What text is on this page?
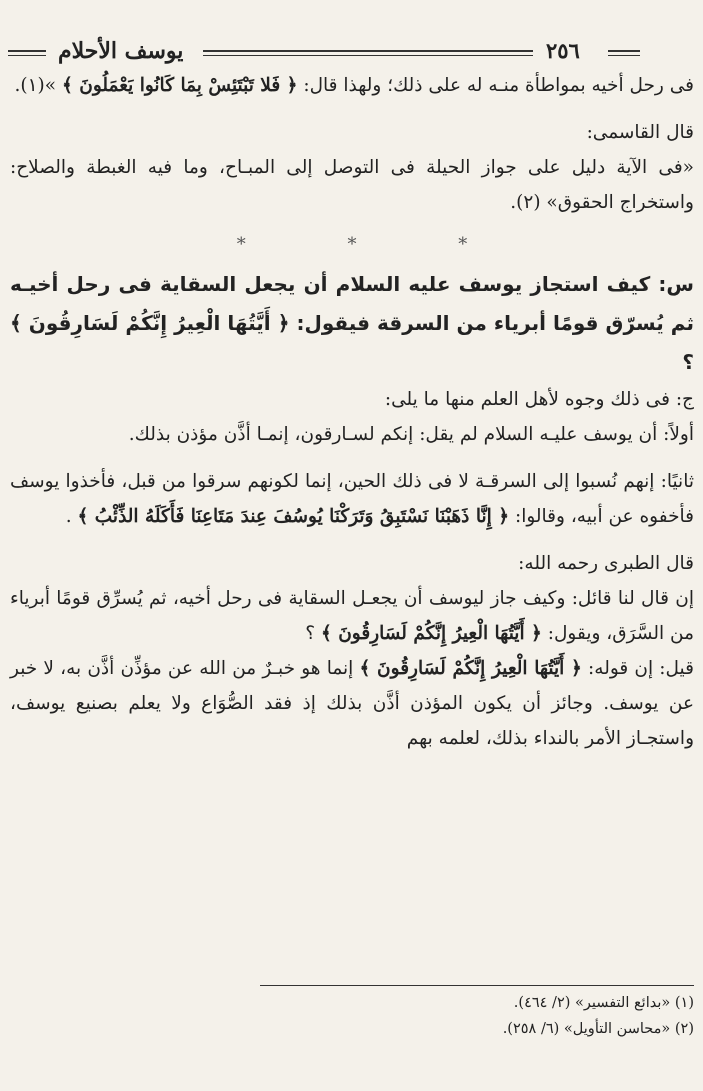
يوسف الأحلام	٢٥٦

فى رحل أخيه بمواطأة منـه له على ذلك؛ ولهذا قال: ﴿ فَلا تَبْتَئِسْ بِمَا كَانُوا يَعْمَلُونَ ﴾ »(١).

قال القاسمى:

«فى الآية دليل على جواز الحيلة فى التوصل إلى المبـاح، وما فيه الغبطة والصلاح: واستخراج الحقوق» (٢).

* * *

س: كيف استجاز يوسف عليه السلام أن يجعل السقاية فى رحل أخيـه ثم يُسرّق قومًا أبرياء من السرقة فيقول: ﴿ أَيَّتُهَا الْعِيرُ إِنَّكُمْ لَسَارِقُونَ ﴾ ؟

ج: فى ذلك وجوه لأهل العلم منها ما يلى:

أولاً: أن يوسف عليـه السلام لم يقل: إنكم لسـارقون، إنمـا أذَّن مؤذن بذلك.

ثانيًا: إنهم نُسبوا إلى السرقـة لا فى ذلك الحين، إنما لكونهم سرقوا من قبل، فأخذوا يوسف فأخفوه عن أبيه، وقالوا: ﴿ إِنَّا ذَهَبْنَا نَسْتَبِقُ وَتَرَكْنَا يُوسُفَ عِندَ مَتَاعِنَا فَأَكَلَهُ الذِّئْبُ ﴾ .

قال الطبرى رحمه الله:

إن قال لنا قائل: وكيف جاز ليوسف أن يجعـل السقاية فى رحل أخيه، ثم يُسرِّق قومًا أبرياء من السَّرَق، ويقول: ﴿ أَيَّتُهَا الْعِيرُ إِنَّكُمْ لَسَارِقُونَ ﴾ ؟

قيل: إن قوله: ﴿ أَيَّتُهَا الْعِيرُ إِنَّكُمْ لَسَارِقُونَ ﴾ إنما هو خبـرٌ من الله عن مؤذِّن أذَّن به، لا خبر عن يوسف. وجائز أن يكون المؤذن أذَّن بذلك إذ فقد الصُّوَاع ولا يعلم بصنيع يوسف، واستجـاز الأمر بالنداء بذلك، لعلمه بهم

(١) «بدائع التفسير» (٢/ ٤٦٤).

(٢) «محاسن التأويل» (٦/ ٢٥٨).
